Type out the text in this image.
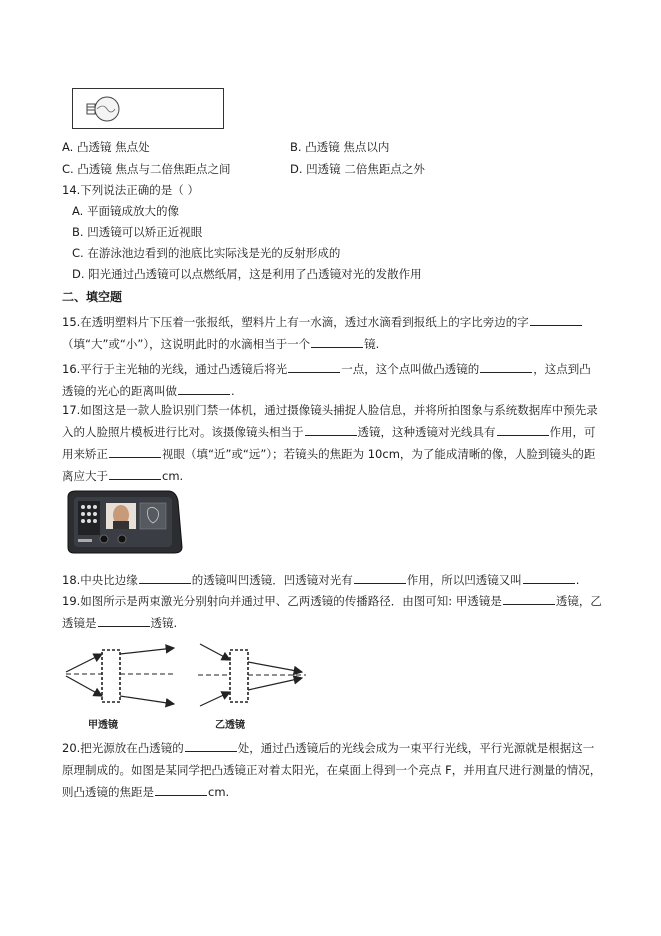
A. 凸透镜 焦点处	B. 凸透镜 焦点以内
C. 凸透镜 焦点与二倍焦距点之间	D. 凹透镜 二倍焦距点之外
14.下列说法正确的是（ ）
A. 平面镜成放大的像
B. 凹透镜可以矫正近视眼
C. 在游泳池边看到的池底比实际浅是光的反射形成的
D. 阳光通过凸透镜可以点燃纸屑，这是利用了凸透镜对光的发散作用
二、填空题
15.在透明塑料片下压着一张报纸，塑料片上有一水滴，透过水滴看到报纸上的字比旁边的字（填“大”或“小”），这说明此时的水滴相当于一个	镜.
16.平行于主光轴的光线，通过凸透镜后将光	一点，这个点叫做凸透镜的	，这点到凸透镜的光心的距离叫做	.
17.如图这是一款人脸识别门禁一体机，通过摄像镜头捕捉人脸信息，并将所拍图象与系统数据库中预先录入的人脸照片模板进行比对。该摄像镜头相当于	透镜，这种透镜对光线具有	作用，可用来矫正	视眼（填“近”或“远”）；若镜头的焦距为 10cm，为了能成清晰的像，人脸到镜头的距离应大于	cm.
18.中央比边缘	的透镜叫凹透镜．凹透镜对光有	作用，所以凹透镜又叫	.
19.如图所示是两束激光分别射向并通过甲、乙两透镜的传播路径．由图可知: 甲透镜是	透镜，乙透镜是	透镜.
甲透镜	乙透镜
20.把光源放在凸透镜的	处，通过凸透镜后的光线会成为一束平行光线，平行光源就是根据这一原理制成的。如图是某同学把凸透镜正对着太阳光，在桌面上得到一个亮点 F，并用直尺进行测量的情况，则凸透镜的焦距是	cm.
